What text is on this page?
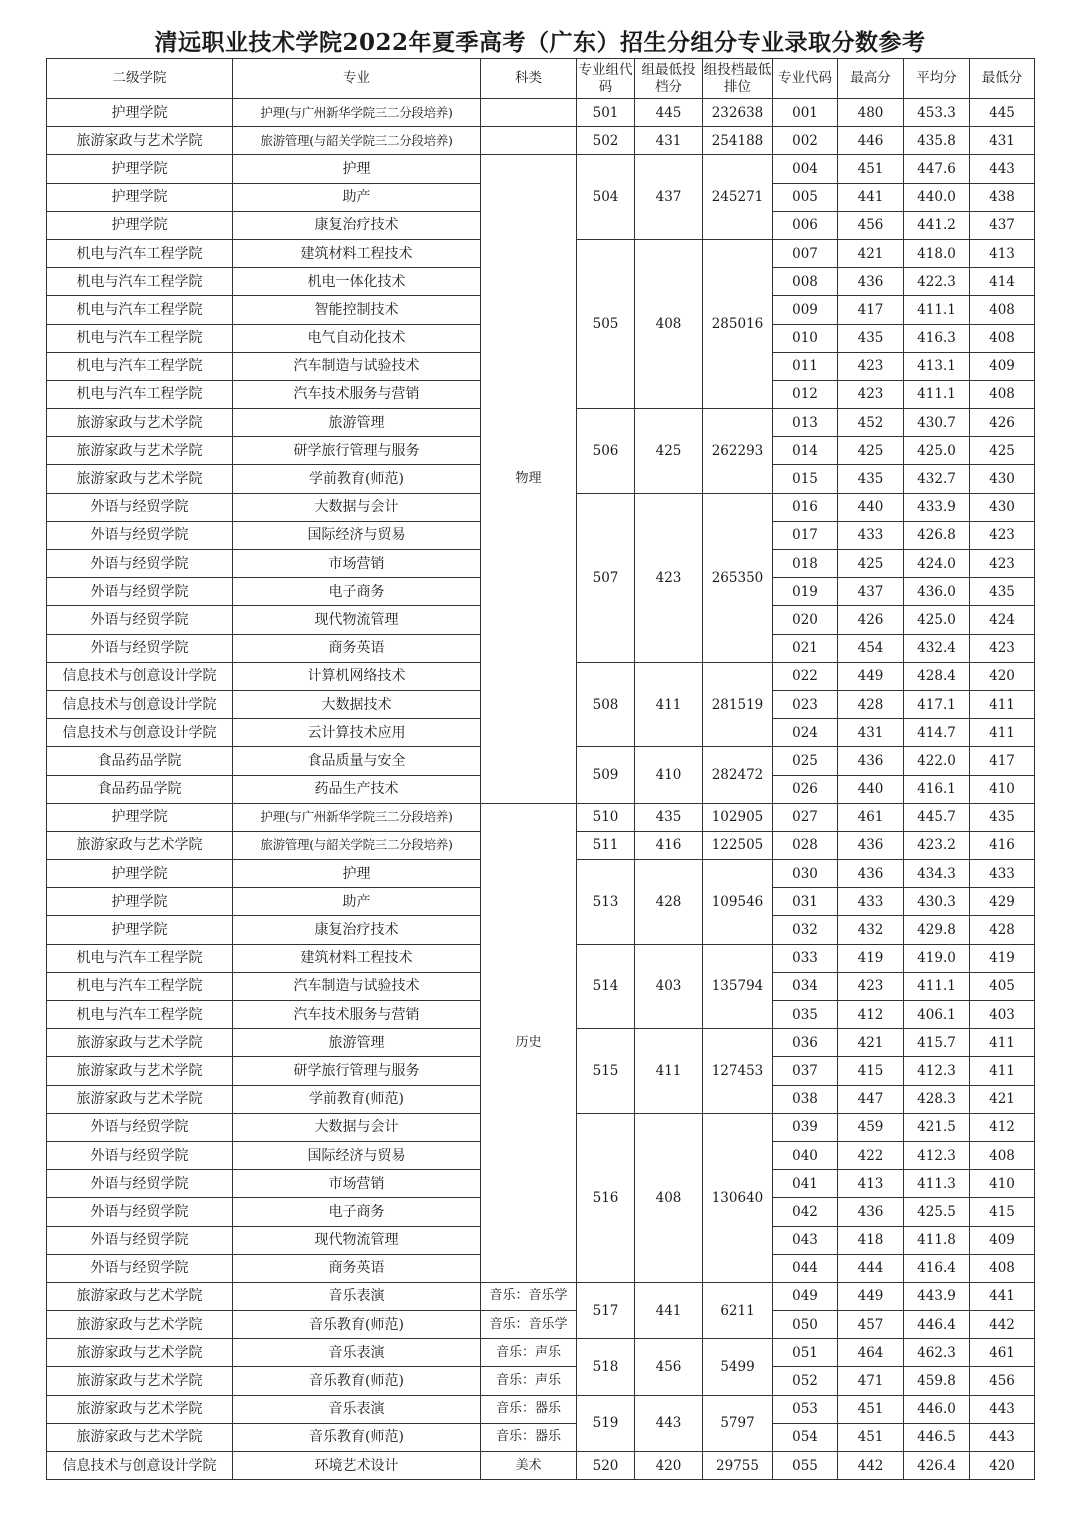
清远职业技术学院2022年夏季高考（广东）招生分组分专业录取分数参考
二级学院	专业	科类	专业组代码	组最低投档分	组投档最低排位	专业代码	最高分	平均分	最低分
护理学院	护理(与广州新华学院三二分段培养)		501	445	232638	001	480	453.3	445
旅游家政与艺术学院	旅游管理(与韶关学院三二分段培养)		502	431	254188	002	446	435.8	431
护理学院	护理	物理	504	437	245271	004	451	447.6	443
护理学院	助产					005	441	440.0	438
护理学院	康复治疗技术					006	456	441.2	437
机电与汽车工程学院	建筑材料工程技术		505	408	285016	007	421	418.0	413
机电与汽车工程学院	机电一体化技术					008	436	422.3	414
机电与汽车工程学院	智能控制技术					009	417	411.1	408
机电与汽车工程学院	电气自动化技术					010	435	416.3	408
机电与汽车工程学院	汽车制造与试验技术					011	423	413.1	409
机电与汽车工程学院	汽车技术服务与营销					012	423	411.1	408
旅游家政与艺术学院	旅游管理		506	425	262293	013	452	430.7	426
旅游家政与艺术学院	研学旅行管理与服务					014	425	425.0	425
旅游家政与艺术学院	学前教育(师范)					015	435	432.7	430
外语与经贸学院	大数据与会计		507	423	265350	016	440	433.9	430
外语与经贸学院	国际经济与贸易					017	433	426.8	423
外语与经贸学院	市场营销					018	425	424.0	423
外语与经贸学院	电子商务					019	437	436.0	435
外语与经贸学院	现代物流管理					020	426	425.0	424
外语与经贸学院	商务英语					021	454	432.4	423
信息技术与创意设计学院	计算机网络技术		508	411	281519	022	449	428.4	420
信息技术与创意设计学院	大数据技术					023	428	417.1	411
信息技术与创意设计学院	云计算技术应用					024	431	414.7	411
食品药品学院	食品质量与安全		509	410	282472	025	436	422.0	417
食品药品学院	药品生产技术					026	440	416.1	410
护理学院	护理(与广州新华学院三二分段培养)	历史	510	435	102905	027	461	445.7	435
旅游家政与艺术学院	旅游管理(与韶关学院三二分段培养)		511	416	122505	028	436	423.2	416
护理学院	护理		513	428	109546	030	436	434.3	433
护理学院	助产					031	433	430.3	429
护理学院	康复治疗技术					032	432	429.8	428
机电与汽车工程学院	建筑材料工程技术		514	403	135794	033	419	419.0	419
机电与汽车工程学院	汽车制造与试验技术					034	423	411.1	405
机电与汽车工程学院	汽车技术服务与营销					035	412	406.1	403
旅游家政与艺术学院	旅游管理		515	411	127453	036	421	415.7	411
旅游家政与艺术学院	研学旅行管理与服务					037	415	412.3	411
旅游家政与艺术学院	学前教育(师范)					038	447	428.3	421
外语与经贸学院	大数据与会计		516	408	130640	039	459	421.5	412
外语与经贸学院	国际经济与贸易					040	422	412.3	408
外语与经贸学院	市场营销					041	413	411.3	410
外语与经贸学院	电子商务					042	436	425.5	415
外语与经贸学院	现代物流管理					043	418	411.8	409
外语与经贸学院	商务英语					044	444	416.4	408
旅游家政与艺术学院	音乐表演	音乐：音乐学	517	441	6211	049	449	443.9	441
旅游家政与艺术学院	音乐教育(师范)	音乐：音乐学				050	457	446.4	442
旅游家政与艺术学院	音乐表演	音乐：声乐	518	456	5499	051	464	462.3	461
旅游家政与艺术学院	音乐教育(师范)	音乐：声乐				052	471	459.8	456
旅游家政与艺术学院	音乐表演	音乐：器乐	519	443	5797	053	451	446.0	443
旅游家政与艺术学院	音乐教育(师范)	音乐：器乐				054	451	446.5	443
信息技术与创意设计学院	环境艺术设计	美术	520	420	29755	055	442	426.4	420
